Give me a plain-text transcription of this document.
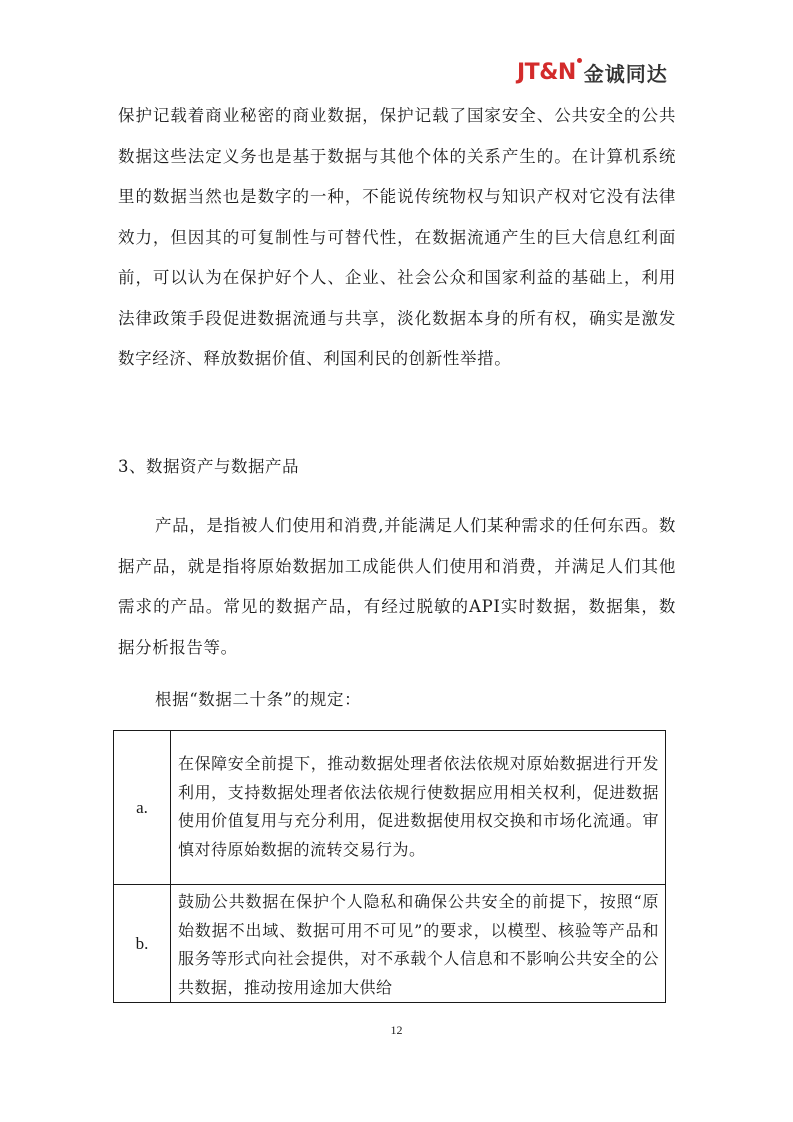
JT&N 金诚同达
保护记载着商业秘密的商业数据，保护记载了国家安全、公共安全的公共数据这些法定义务也是基于数据与其他个体的关系产生的。在计算机系统里的数据当然也是数字的一种，不能说传统物权与知识产权对它没有法律效力，但因其的可复制性与可替代性，在数据流通产生的巨大信息红利面前，可以认为在保护好个人、企业、社会公众和国家利益的基础上，利用法律政策手段促进数据流通与共享，淡化数据本身的所有权，确实是激发数字经济、释放数据价值、利国利民的创新性举措。
3、数据资产与数据产品
产品，是指被人们使用和消费,并能满足人们某种需求的任何东西。数据产品，就是指将原始数据加工成能供人们使用和消费，并满足人们其他需求的产品。常见的数据产品，有经过脱敏的API实时数据，数据集，数据分析报告等。
根据“数据二十条”的规定：
a.	在保障安全前提下，推动数据处理者依法依规对原始数据进行开发利用，支持数据处理者依法依规行使数据应用相关权利，促进数据使用价值复用与充分利用，促进数据使用权交换和市场化流通。审慎对待原始数据的流转交易行为。
b.	鼓励公共数据在保护个人隐私和确保公共安全的前提下，按照“原始数据不出域、数据可用不可见”的要求，以模型、核验等产品和服务等形式向社会提供，对不承载个人信息和不影响公共安全的公共数据，推动按用途加大供给
12
